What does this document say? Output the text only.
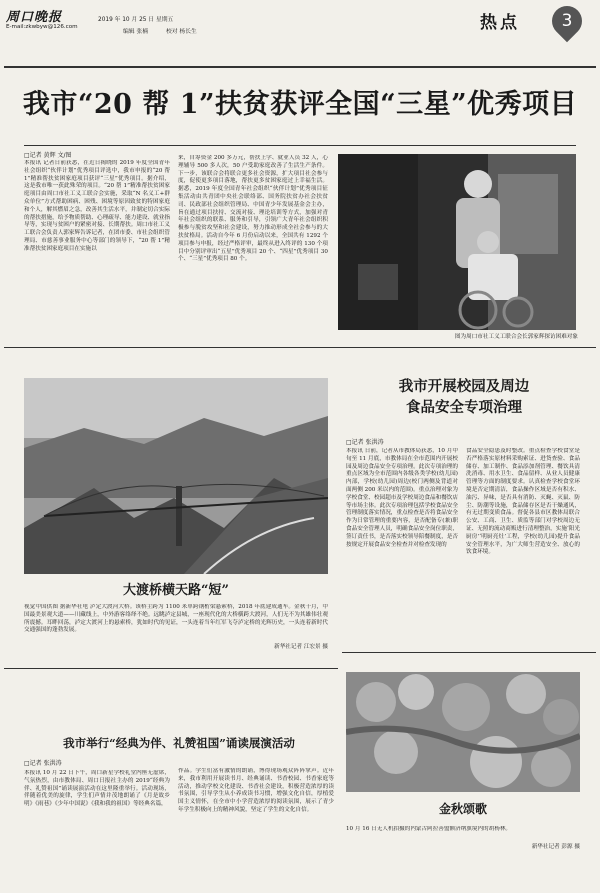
周口晚报
E-mail:zkwbyw@126.com
2019 年 10 月 25 日 星期五
编辑 张楠	校对 杨长生	热点	3
我市“20 帮 1”扶贫获评全国“三星”优秀项目
□记者 黄辉 文/图
本报讯 记者日前获悉，在近日揭晓的 2019 年度全国青年社会组织“伙伴计划”优秀项目评选中，我市申报的“20 帮 1”精准帮扶贫困家庭项目获评“三星”优秀项目。据介绍，这是我市唯一获此殊荣的项目。“20 帮 1”精准帮扶贫困家庭项目由周口市社工义工联合会实施，采取“N 名义工+群众单位”方式帮助困病、困残、困境等原因致贫的特困家庭和个人，解其燃眉之急，改善其生活水平，并制定切合实际的帮扶措施，给予物质帮助、心理疏导、能力建设、就业指导等，实现与贫困户的紧密对接、长期帮扶。周口市社工义工联合会负责人郭家辉告诉记者，在团市委、市社会组织管理局、市慈善事业服务中心等部门的领导下，“20 帮 1”精准帮扶贫困家庭项目在实施以
来，自筹资金 200 多万元，帮扶上学、就业人员 32 人，心理辅导 500 多人次，50 户受助家庭改善了生活生产条件。下一步，该联合会将联合更多社会资源，扩大项目社会参与度，促使更多项目落地，帮扶更多贫困家庭过上幸福生活。据悉，2019 年度全国青年社会组织“伙伴计划”优秀项目征集活动由共青团中央社会联络部、国务院扶贫办社会扶贫司、民政部社会组织管理局、中国青少年发展基金会主办，旨在通过项目扶持、交流对接、理论培训等方式，加强对青年社会组织的联系、服务和引导，引领广大青年社会组织积极参与脱贫攻坚和社会建设，努力推动形成全社会参与的大扶贫格局。活动自今年 6 月份启动以来，全国共有 1292 个项目参与申报，经过严格评审，最终从进入终评的 130 个项目中分别评审出“五星”优秀项目 20 个、“四星”优秀项目 30 个、“三星”优秀项目 80 个。
图为周口市社工义工联合会长郭家辉探访困难对象
大渡桥横天路“短”
视觉中国供图 据新华社电 泸定大渡河大桥。该桥主跨为 1100 米单跨钢桁梁悬索桥，2018 年底建成通车。金秋十月，中国最美景观大道——川藏线上，中外游客络绎不绝。远眺泸定县城，一座现代化的大桥横跨大渡河，人们无不为其雄伟壮观所震撼。耳畔回荡，泸定大渡河上的悬索桥，犹如时代的见证，一头连着当年红军飞夺泸定桥的光辉历史，一头连着新时代交通强国的蓬勃发展。
新华社记者 江宏景 摄
我市开展校园及周边
食品安全专项治理
□记者 张洪涛
本报讯 日前，记者从市教体局获悉，10 月中旬至 11 月底，市教体局在全市范围内开展校园及周边食品安全专项治理。此次专项治理的重点区域为全市范围内各级各类学校(幼儿园)内部，学校(幼儿园)周边(校门两侧及背道对面两侧 200 米以内的范围)。重点治理对象为学校食堂、校园超市及学校周边食品和餐饮店等市场主体。此次专项治理包括学校食品安全管理制度落实情况，重点检查是否将食品安全作为日常管理的重要内容，是否配备专(兼)职食品安全管理人员，明确食品安全岗位职责，签订责任书，是否落实校领导陪餐制度，是否按规定开展食品安全检查并对检查发现的
食品安全隐患及时整改。重点检查学校食堂是否严格落实原材料采购索证、进货查验、食品储存、加工制作、食品添加剂管理、餐饮具清洗消毒、用水卫生、食品留样、从业人员健康管理等方面的制度要求。认真检查学校食堂环境是否定期清洁，食品操作区域是否有积水、油污、异味，是否具有消防、灭蝇、灭鼠、防尘、防潮等设施，食品储存区是否干燥通风，有无过期变质食品。督促各县市区教体局联合公安、工商、卫生、质监等部门对学校周边无证、无照的流动商贩进行清理整治，实施‘阳光厨房’‘明厨亮灶’工程，学校(幼儿园)提升食品安全管理水平，为广大师生营造安全、放心的饮食环境。
我市举行“经典为伴、礼赞祖国”诵读展演活动
□记者 张洪涛
本报讯 10 月 22 日下午，周口新星学校礼堂内座无虚席，气氛热烈，由市教体局、周口日报社主办的 2019“经典为伴、礼赞祖国”诵读展演活动在这里隆重举行。活动现场，伴随着优美的旋律，学生们声情并茂地朗诵了《月是故乡明》《雨巷》《少年中国说》《我和我的祖国》等经典名篇，
作品。学生们富有激情的朗诵，博得现场观众阵阵掌声。近年来，我市利用开展读书月、经典诵读、书香校园、书香家庭等活动，推动学校文化建设、书香社会建设，积极营造浓厚的读书氛围，引导学生从小养成读书习惯，增强文化自信，厚植爱国主义情怀，在全市中小学营造浓厚的阅读氛围，展示了青少年学生积极向上的精神风貌，坚定了学生的文化自信。	金秋颂歌
10 月 16 日无人机拍摄的内蒙古阿拉善盟额济纳旗境内的胡杨林。
新华社记者 彭源 摄
